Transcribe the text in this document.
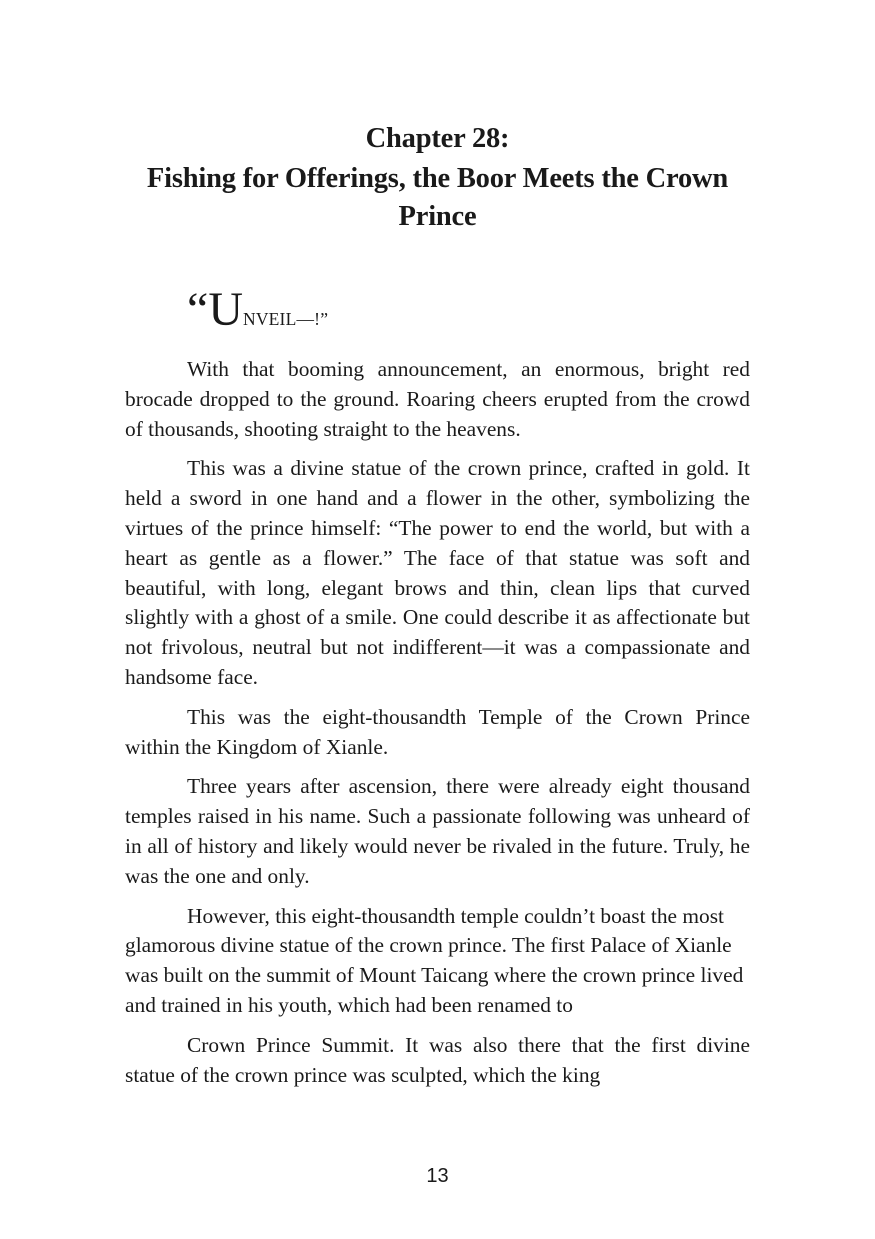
Chapter 28:
Fishing for Offerings, the Boor Meets the Crown Prince
“UNVEIL—!”

With that booming announcement, an enormous, bright red brocade dropped to the ground. Roaring cheers erupted from the crowd of thousands, shooting straight to the heavens.

This was a divine statue of the crown prince, crafted in gold. It held a sword in one hand and a flower in the other, symbolizing the virtues of the prince himself: “The power to end the world, but with a heart as gentle as a flower.” The face of that statue was soft and beautiful, with long, elegant brows and thin, clean lips that curved slightly with a ghost of a smile. One could describe it as affectionate but not frivolous, neutral but not indifferent—it was a compassionate and handsome face.

This was the eight-thousandth Temple of the Crown Prince within the Kingdom of Xianle.

Three years after ascension, there were already eight thousand temples raised in his name. Such a passionate following was unheard of in all of history and likely would never be rivaled in the future. Truly, he was the one and only.

However, this eight-thousandth temple couldn’t boast the most glamorous divine statue of the crown prince. The first Palace of Xianle was built on the summit of Mount Taicang where the crown prince lived and trained in his youth, which had been renamed to

Crown Prince Summit. It was also there that the first divine statue of the crown prince was sculpted, which the king

13
